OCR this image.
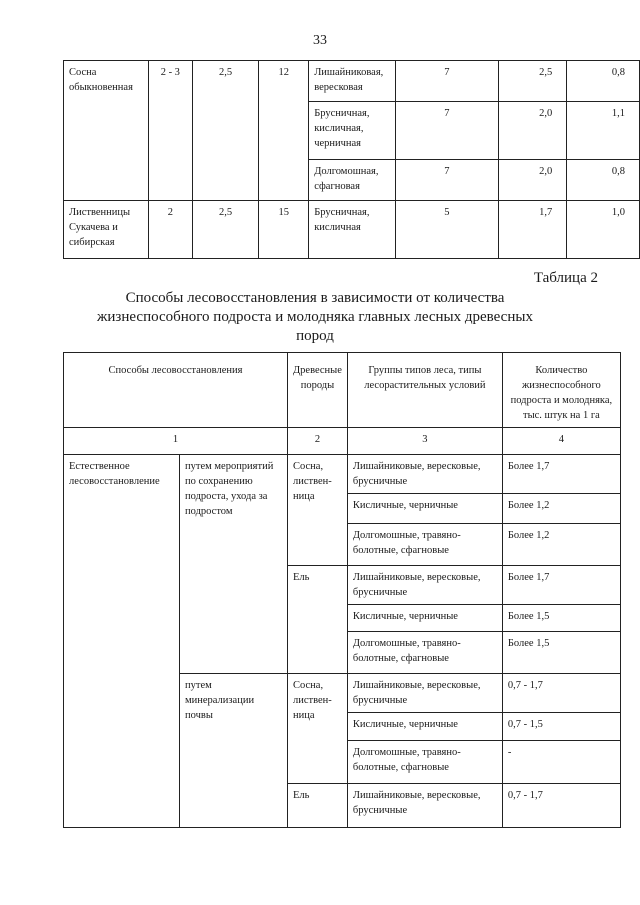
33
Сосна обыкновенная	2 - 3	2,5	12	Лишайниковая, вересковая	7	2,5	0,8
				Брусничная, кисличная, черничная	7	2,0	1,1
				Долгомошная, сфагновая	7	2,0	0,8
Лиственницы Сукачева и сибирская	2	2,5	15	Брусничная, кисличная	5	1,7	1,0
Таблица 2
Способы лесовосстановления в зависимости от количества жизнеспособного подроста и молодняка главных лесных древесных пород
Способы лесовосстановления		Древесные породы	Группы типов леса, типы лесорастительных условий	Количество жизнеспособного подроста и молодняка, тыс. штук на 1 га
1		2	3	4
Естественное лесовосстановление	путем мероприятий по сохранению подроста, ухода за подростом	Сосна, листвен-ница	Лишайниковые, вересковые, брусничные	Более 1,7
			Кисличные, черничные	Более 1,2
			Долгомошные, травяно-болотные, сфагновые	Более 1,2
		Ель	Лишайниковые, вересковые, брусничные	Более 1,7
			Кисличные, черничные	Более 1,5
			Долгомошные, травяно-болотные, сфагновые	Более 1,5
	путем минерализации почвы	Сосна, листвен-ница	Лишайниковые, вересковые, брусничные	0,7 - 1,7
			Кисличные, черничные	0,7 - 1,5
			Долгомошные, травяно-болотные, сфагновые	-
		Ель	Лишайниковые, вересковые, брусничные	0,7 - 1,7
